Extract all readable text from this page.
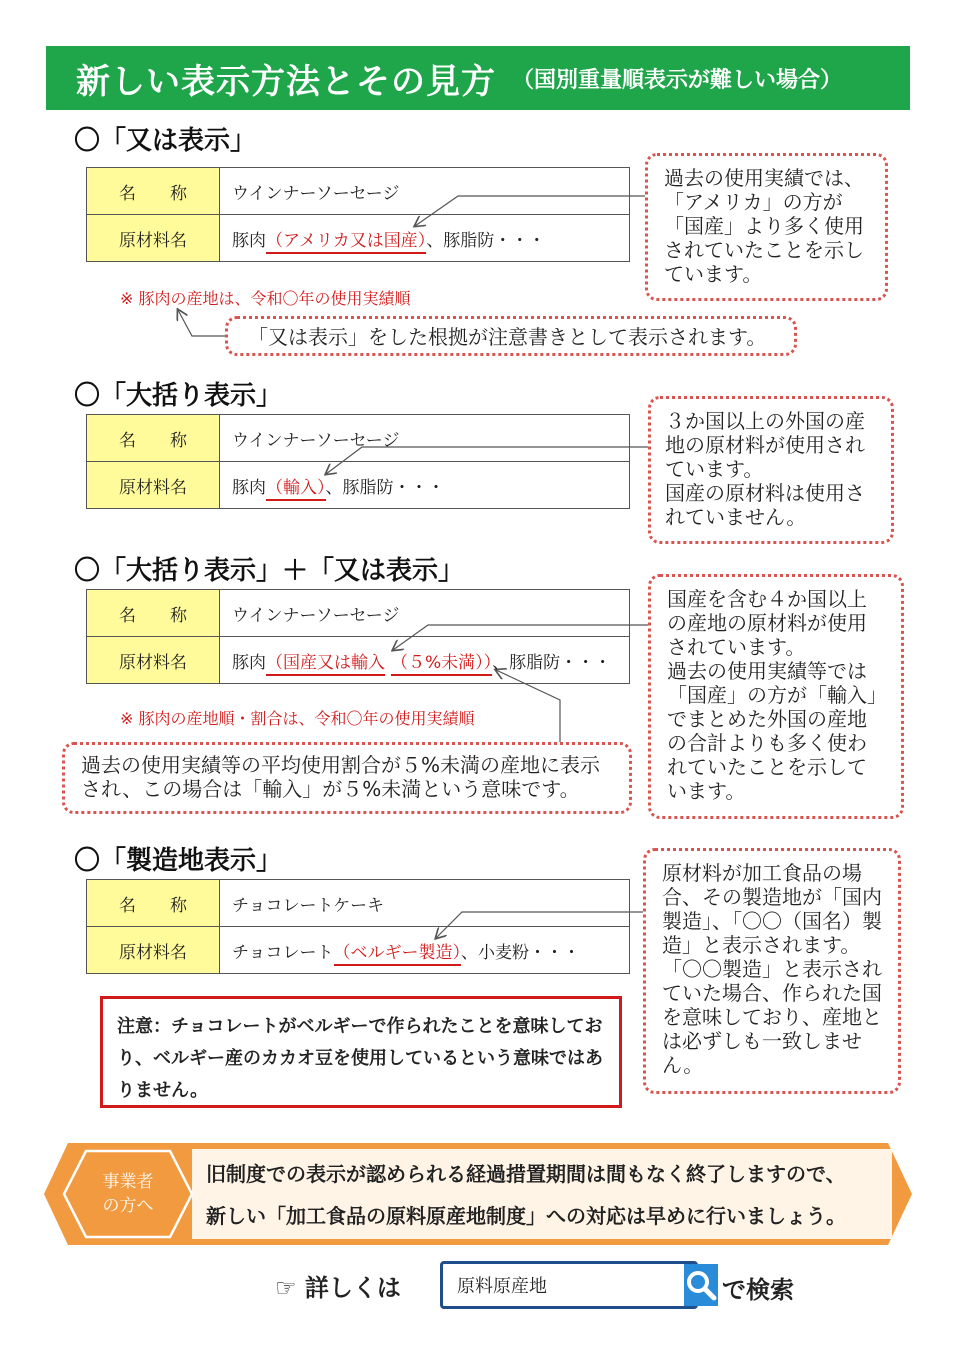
新しい表示方法とその見方 （国別重量順表示が難しい場合）
〇「又は表示」
名　　称	ウインナーソーセージ
原材料名	豚肉（アメリカ又は国産）、豚脂防・・・
※ 豚肉の産地は、令和〇年の使用実績順
過去の使用実績では、「アメリカ」の方が「国産」より多く使用されていたことを示しています。
「又は表示」をした根拠が注意書きとして表示されます。
〇「大括り表示」
名　　称	ウインナーソーセージ
原材料名	豚肉（輸入）、豚脂防・・・
３か国以上の外国の産地の原材料が使用されています。
国産の原材料は使用されていません。
〇「大括り表示」＋「又は表示」
名　　称	ウインナーソーセージ
原材料名	豚肉（国産又は輸入 （５%未満））、豚脂防・・・
※ 豚肉の産地順・割合は、令和〇年の使用実績順
国産を含む４か国以上の産地の原材料が使用されています。
過去の使用実績等では「国産」の方が「輸入」でまとめた外国の産地の合計よりも多く使われていたことを示しています。
過去の使用実績等の平均使用割合が５%未満の産地に表示され、この場合は「輸入」が５%未満という意味です。
〇「製造地表示」
名　　称	チョコレートケーキ
原材料名	チョコレート（ベルギー製造）、小麦粉・・・
原材料が加工食品の場合、その製造地が「国内製造」、「〇〇（国名）製造」と表示されます。
「〇〇製造」と表示されていた場合、作られた国を意味しており、産地とは必ずしも一致しません。
注意：チョコレートがベルギーで作られたことを意味しており、ベルギー産のカカオ豆を使用しているという意味ではありません。
事業者
の方へ
旧制度での表示が認められる経過措置期間は間もなく終了しますので、
新しい「加工食品の原料原産地制度」への対応は早めに行いましょう。
☞ 詳しくは
原料原産地	で検索
